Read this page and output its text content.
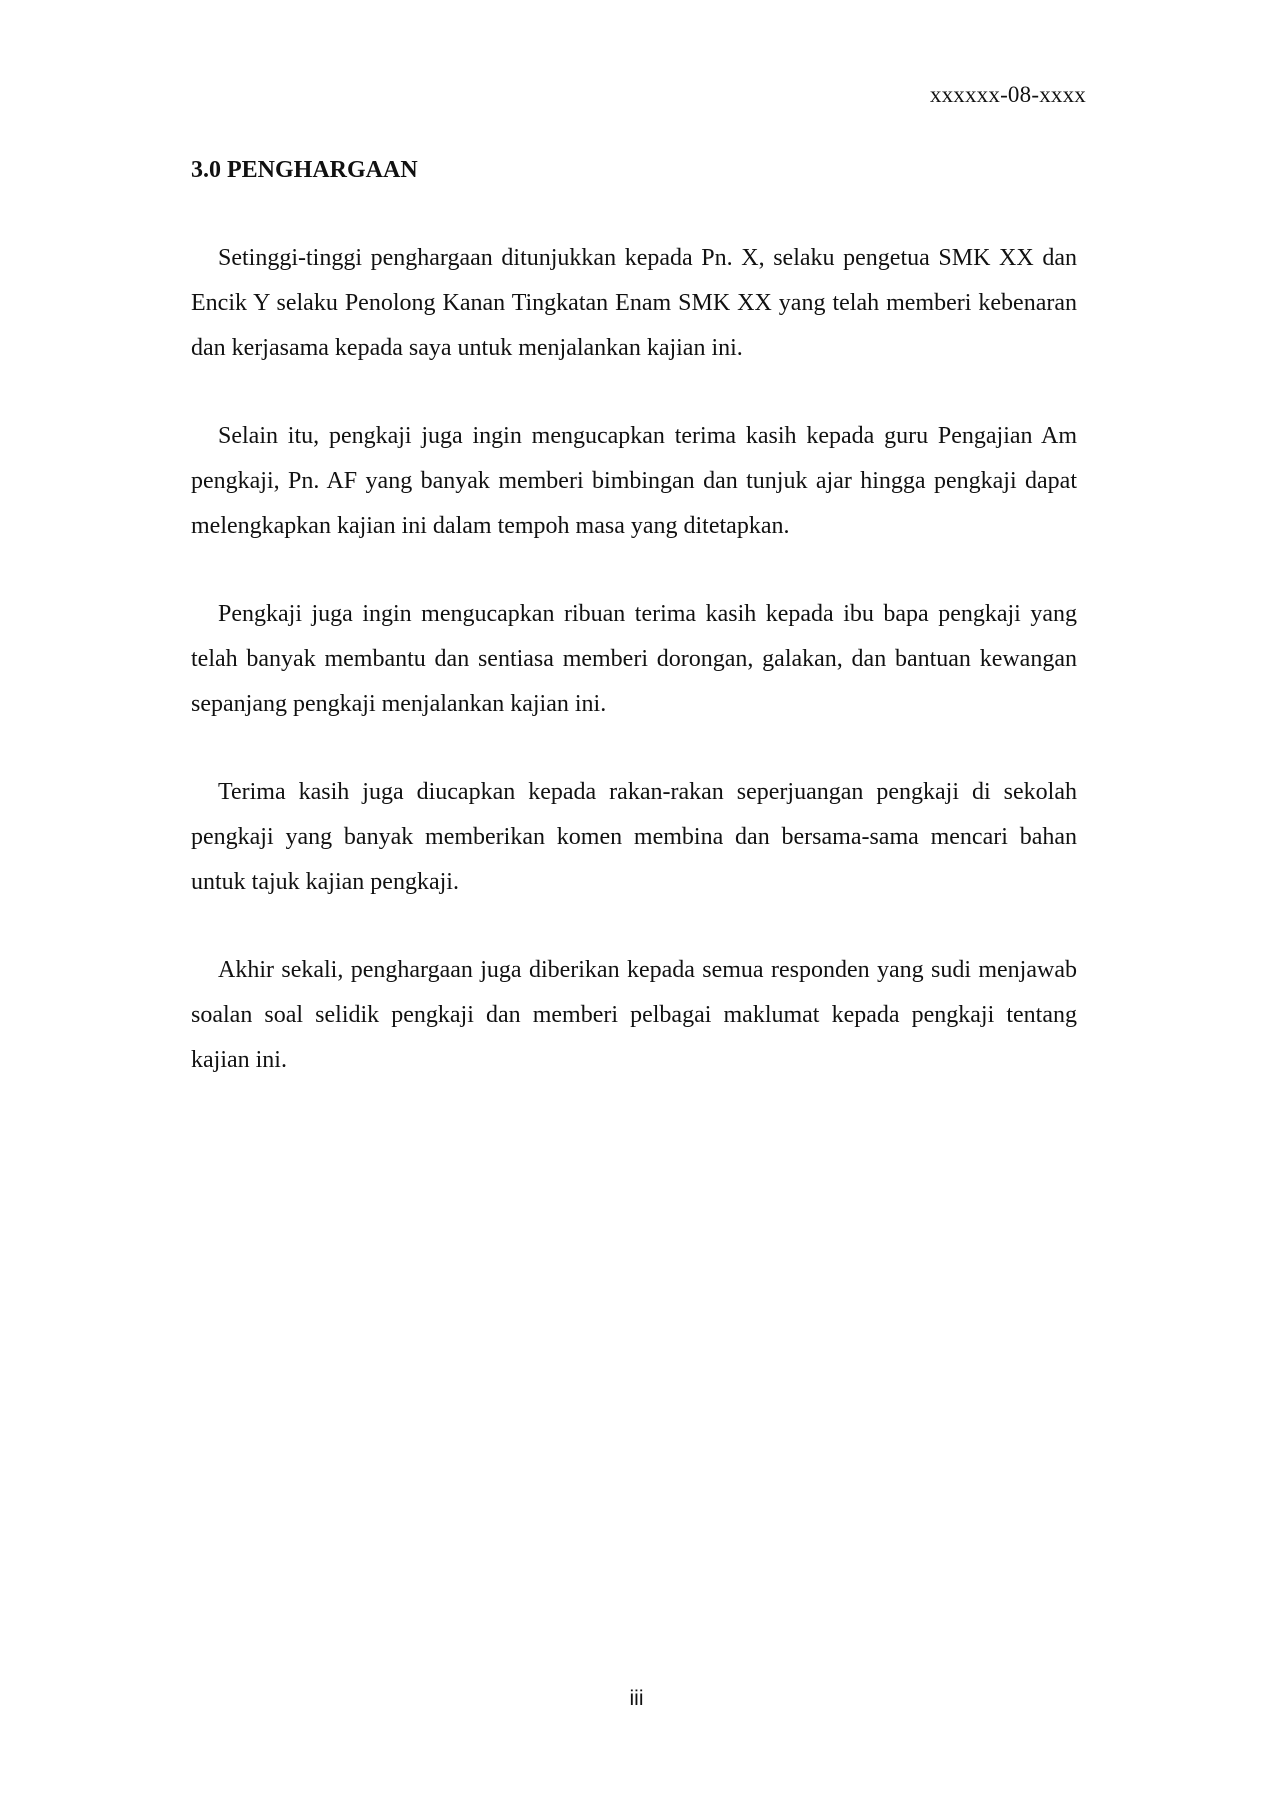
xxxxxx-08-xxxx
3.0 PENGHARGAAN

Setinggi-tinggi penghargaan ditunjukkan kepada Pn. X, selaku pengetua SMK XX dan Encik Y selaku Penolong Kanan Tingkatan Enam SMK XX yang telah memberi kebenaran dan kerjasama kepada saya untuk menjalankan kajian ini.

Selain itu, pengkaji juga ingin mengucapkan terima kasih kepada guru Pengajian Am pengkaji, Pn. AF yang banyak memberi bimbingan dan tunjuk ajar hingga pengkaji dapat melengkapkan kajian ini dalam tempoh masa yang ditetapkan.

Pengkaji juga ingin mengucapkan ribuan terima kasih kepada ibu bapa pengkaji yang telah banyak membantu dan sentiasa memberi dorongan, galakan, dan bantuan kewangan sepanjang pengkaji menjalankan kajian ini.

Terima kasih juga diucapkan kepada rakan-rakan seperjuangan pengkaji di sekolah pengkaji yang banyak memberikan komen membina dan bersama-sama mencari bahan untuk tajuk kajian pengkaji.

Akhir sekali, penghargaan juga diberikan kepada semua responden yang sudi menjawab soalan soal selidik pengkaji dan memberi pelbagai maklumat kepada pengkaji tentang kajian ini.

iii
